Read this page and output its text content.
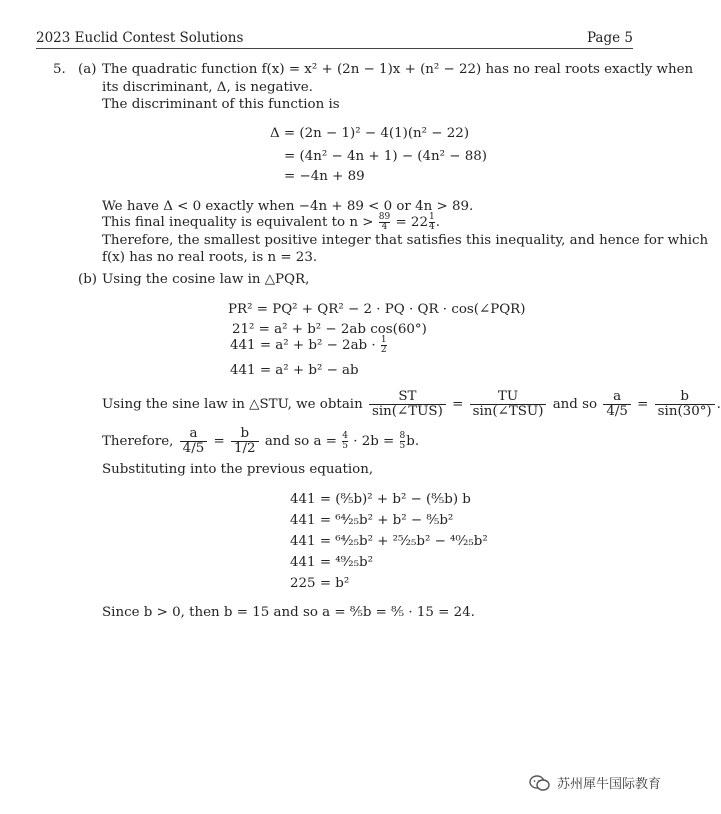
2023 Euclid Contest Solutions	Page 5
5. (a) The quadratic function f(x) = x² + (2n − 1)x + (n² − 22) has no real roots exactly when
its discriminant, Δ, is negative.
The discriminant of this function is
Δ = (2n − 1)² − 4(1)(n² − 22)
= (4n² − 4n + 1) − (4n² − 88)
= −4n + 89
We have Δ < 0 exactly when −4n + 89 < 0 or 4n > 89.
This final inequality is equivalent to $n > \frac{89}{4} = 22 \frac{1}{4}$ .
Therefore, the smallest positive integer that satisfies this inequality, and hence for which
f(x) has no real roots, is n = 23.
(b) Using the cosine law in △PQR,
PR² = PQ² + QR² − 2 · PQ · QR · cos(∠PQR)
21² = a² + b² − 2ab cos(60°)
$441 = a^2 + b^2 - 2ab \cdot \frac{1}{2}$
441 = a² + b² − ab
Using the sine law in △STU, we obtain $\frac{ST}{\text{sin(∠TUS)}} = \frac{TU}{\text{sin(∠TSU)}}$ and so $\frac{a}{4/5} = \frac{b}{\sin(30^\circ)}$ .
Therefore, $\frac{a}{4/5} = \frac{b}{1/2}$ and so $a = \frac{4}{5} \cdot 2b = \frac{8}{5} b$.
Substituting into the previous equation,
441 = (⁸⁄₅b)² + b² − (⁸⁄₅b) b
441 = ⁶⁴⁄₂₅b² + b² − ⁸⁄₅b²
441 = ⁶⁴⁄₂₅b² + ²⁵⁄₂₅b² − ⁴⁰⁄₂₅b²
441 = ⁴⁹⁄₂₅b²
225 = b²
Since b > 0, then b = 15 and so a = ⁸⁄₅b = ⁸⁄₅ · 15 = 24.
苏州犀牛国际教育
